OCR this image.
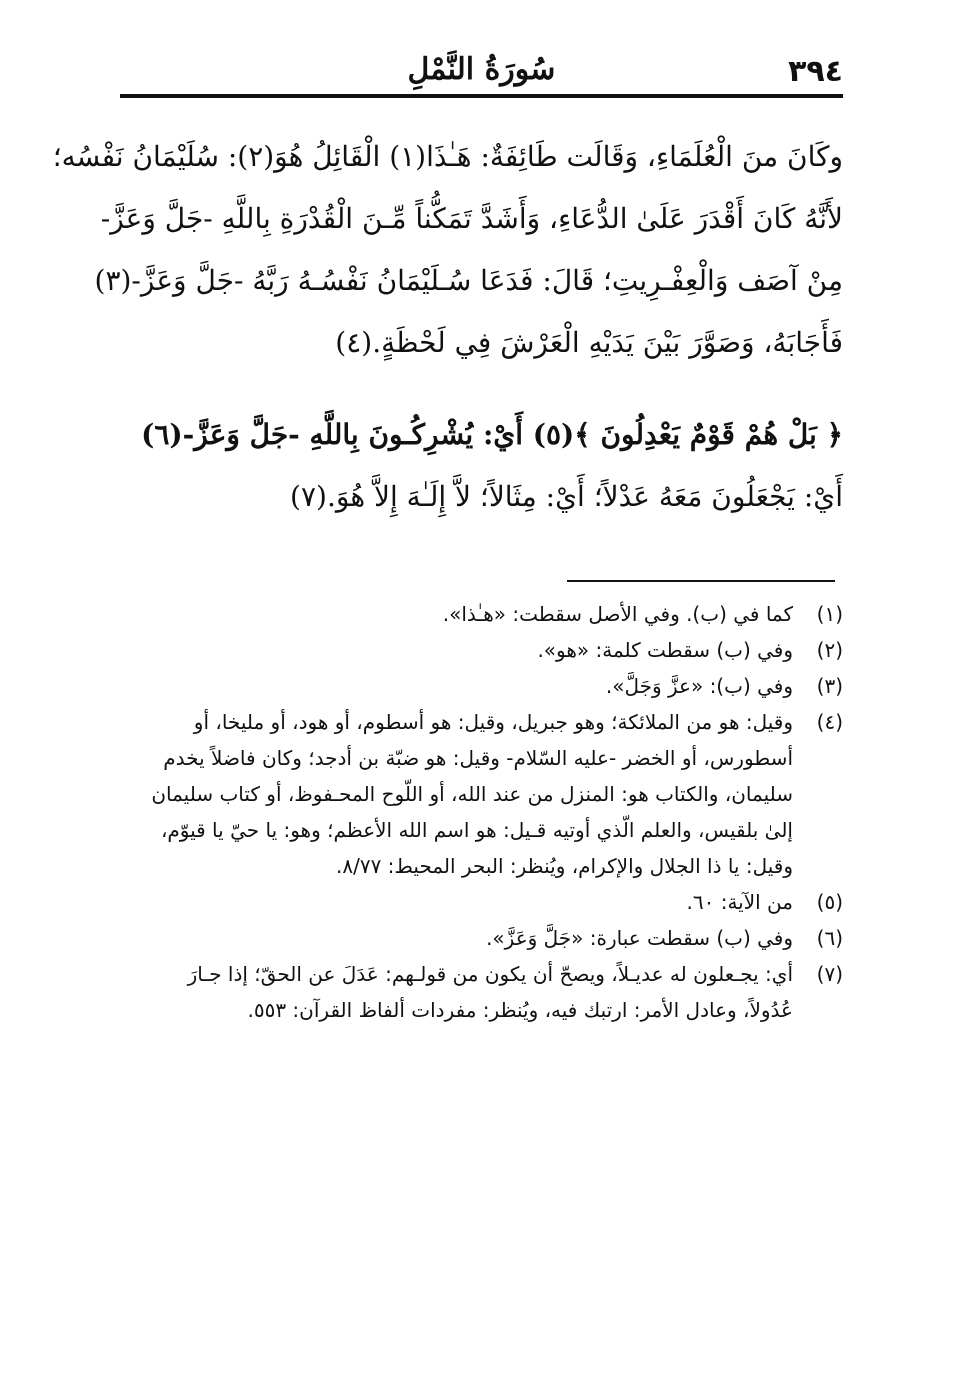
٣٩٤
سُورَةُ النَّمْلِ
وكَانَ منَ الْعُلَمَاءِ، وَقَالَت طَائِفَةٌ: هَـٰذَا(١) الْقَائِلُ هُوَ(٢): سُلَيْمَانُ نَفْسُه؛
لأَنَّهُ كَانَ أَقْدَرَ عَلَىٰ الدُّعَاءِ، وَأَشَدَّ تَمَكُّناً مِّـنَ الْقُدْرَةِ بِاللَّهِ -جَلَّ وَعَزَّ-
مِنْ آصَف وَالْعِفْـرِيتِ؛ قَالَ: فَدَعَا سُـلَيْمَانُ نَفْسُـهُ رَبَّهُ -جَلَّ وَعَزَّ-(٣)
فَأَجَابَهُ، وَصَوَّرَ بَيْنَ يَدَيْهِ الْعَرْشَ فِي لَحْظَةٍ.(٤)
﴿ بَلْ هُمْ قَوْمٌ يَعْدِلُونَ ﴾(٥) أَيْ: يُشْرِكُـونَ بِاللَّهِ -جَلَّ وَعَزَّ-(٦)
أَيْ: يَجْعَلُونَ مَعَهُ عَدْلاً؛ أَيْ: مِثَالاً؛ لاَّ إِلَـٰهَ إِلاَّ هُوَ.(٧)
(١)
كما في (ب). وفي الأصل سقطت: «هـٰذا».
(٢)
وفي (ب) سقطت كلمة: «هو».
(٣)
وفي (ب): «عزَّ وَجَلَّ».
(٤)
وقيل: هو من الملائكة؛ وهو جبريل، وقيل: هو أسطوم، أو هود، أو مليخا، أو
أسطورس، أو الخضر -عليه السّلام- وقيل: هو ضبّة بن أدجد؛ وكان فاضلاً يخدم
سليمان، والكتاب هو: المنزل من عند الله، أو اللّوح المحـفوظ، أو كتاب سليمان
إلىٰ بلقيس، والعلم الّذي أوتيه قـيل: هو اسم الله الأعظم؛ وهو: يا حيّ يا قيوّم،
وقيل: يا ذا الجلال والإكرام، ويُنظر: البحر المحيط: ٨/٧٧.
(٥)
من الآية: ٦٠.
(٦)
وفي (ب) سقطت عبارة: «جَلَّ وَعَزَّ».
(٧)
أي: يجـعلون له عديـلاً، ويصحّ أن يكون من قولـهم: عَدَلَ عن الحقّ؛ إذا جـارَ
عُدُولاً، وعادل الأمر: ارتبك فيه، ويُنظر: مفردات ألفاظ القرآن: ٥٥٣.
